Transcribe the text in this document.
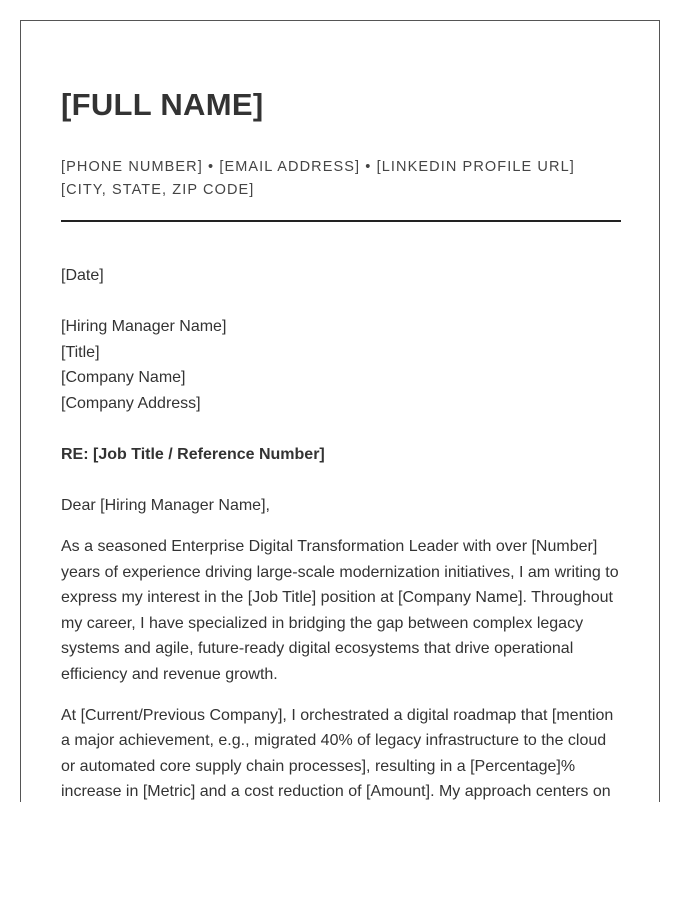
[FULL NAME]
[PHONE NUMBER] • [EMAIL ADDRESS] • [LINKEDIN PROFILE URL]
[CITY, STATE, ZIP CODE]
[Date]
[Hiring Manager Name]
[Title]
[Company Name]
[Company Address]
RE: [Job Title / Reference Number]
Dear [Hiring Manager Name],

As a seasoned Enterprise Digital Transformation Leader with over [Number]
years of experience driving large-scale modernization initiatives, I am writing to
express my interest in the [Job Title] position at [Company Name]. Throughout
my career, I have specialized in bridging the gap between complex legacy
systems and agile, future-ready digital ecosystems that drive operational
efficiency and revenue growth.

At [Current/Previous Company], I orchestrated a digital roadmap that [mention
a major achievement, e.g., migrated 40% of legacy infrastructure to the cloud
or automated core supply chain processes], resulting in a [Percentage]%
increase in [Metric] and a cost reduction of [Amount]. My approach centers on
